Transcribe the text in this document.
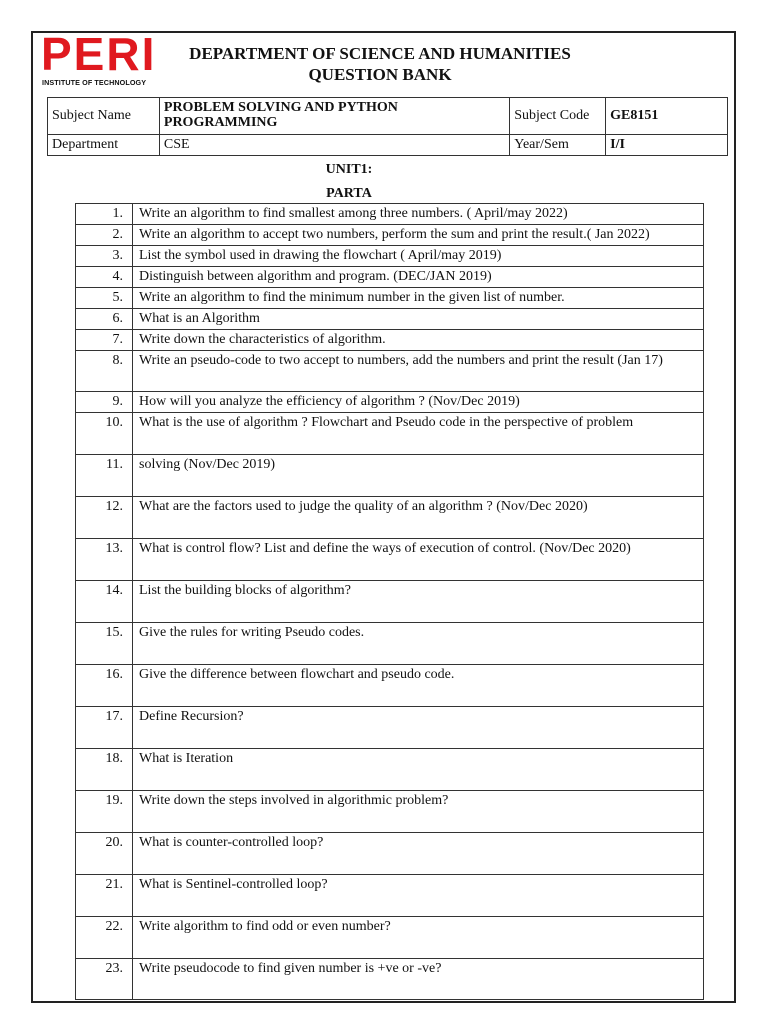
PERI
INSTITUTE OF TECHNOLOGY
DEPARTMENT OF SCIENCE AND HUMANITIES
QUESTION BANK
Subject Name	PROBLEM SOLVING AND PYTHON PROGRAMMING	Subject Code	GE8151
Department	CSE	Year/Sem	I/I
UNIT1:
PARTA
1.	Write an algorithm to find smallest among three numbers. ( April/may 2022)
2.	Write an algorithm to accept two numbers, perform the sum and print the result.( Jan 2022)
3.	List the symbol used in drawing the flowchart ( April/may 2019)
4.	Distinguish between algorithm and program. (DEC/JAN 2019)
5.	Write an algorithm to find the minimum number in the given list of number.
6.	What is an Algorithm
7.	Write down the characteristics of algorithm.
8.	Write an pseudo-code to two accept to numbers, add the numbers and print the result (Jan 17)
9.	How will you analyze the efficiency of algorithm ? (Nov/Dec 2019)
10.	What is the use of algorithm ? Flowchart and Pseudo code in the perspective of problem
11.	solving (Nov/Dec 2019)
12.	What are the factors used to judge the quality of an algorithm ? (Nov/Dec 2020)
13.	What is control flow? List and define the ways of execution of control. (Nov/Dec 2020)
14.	List the building blocks of algorithm?
15.	Give the rules for writing Pseudo codes.
16.	Give the difference between flowchart and pseudo code.
17.	Define Recursion?
18.	What is Iteration
19.	Write down the steps involved in algorithmic problem?
20.	What is counter-controlled loop?
21.	What is Sentinel-controlled loop?
22.	Write algorithm to find odd or even number?
23.	Write pseudocode to find given number is +ve or -ve?
